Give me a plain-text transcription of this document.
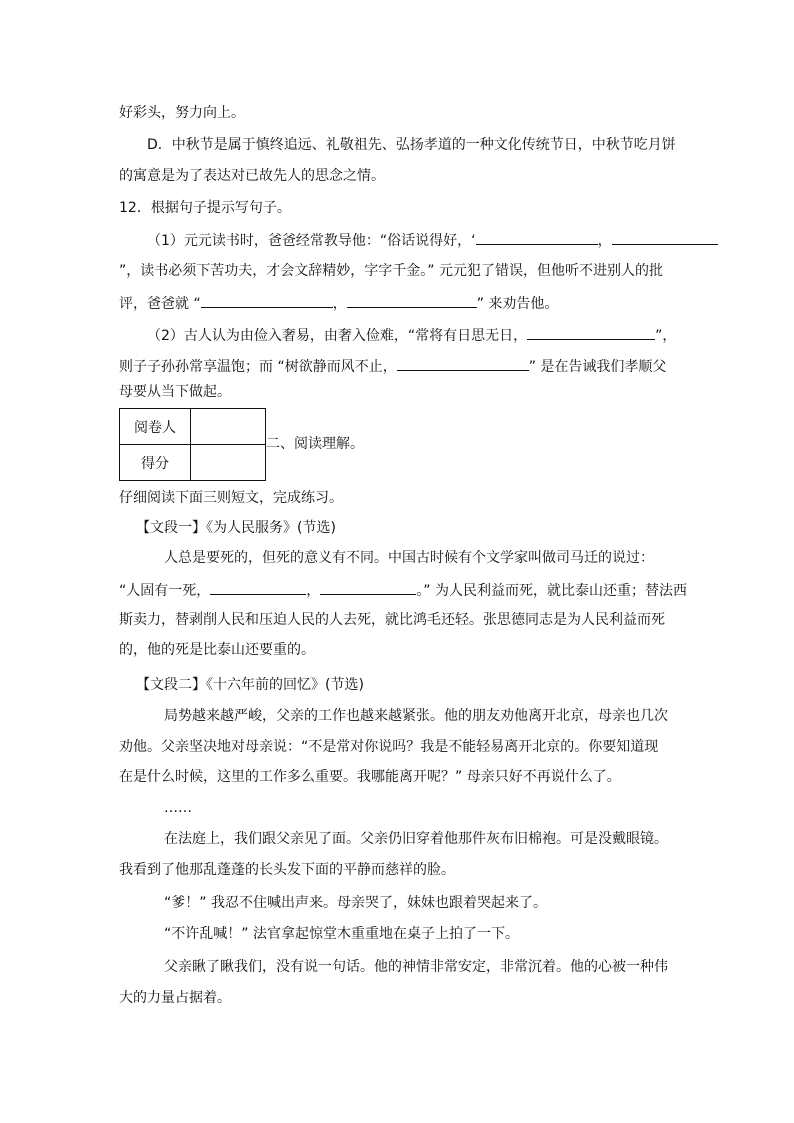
好彩头，努力向上。
D．中秋节是属于慎终追远、礼敬祖先、弘扬孝道的一种文化传统节日，中秋节吃月饼
的寓意是为了表达对已故先人的思念之情。
12．根据句子提示写句子。
（1）元元读书时，爸爸经常教导他：“俗话说得好，‘	，
”，读书必须下苦功夫，才会文辞精妙，字字千金。” 元元犯了错误，但他听不进别人的批
评，爸爸就 “	，	” 来劝告他。
（2）古人认为由俭入奢易，由奢入俭难，“常将有日思无日，	”，
则子子孙孙常享温饱；而 “树欲静而风不止，	” 是在告诫我们孝顺父
母要从当下做起。
阅卷人	
得分	
二、阅读理解。
仔细阅读下面三则短文，完成练习。
【文段一】《为人民服务》(节选)
人总是要死的，但死的意义有不同。中国古时候有个文学家叫做司马迁的说过：
“人固有一死，	，	。” 为人民利益而死，就比泰山还重；替法西
斯卖力，替剥削人民和压迫人民的人去死，就比鸿毛还轻。张思德同志是为人民利益而死
的，他的死是比泰山还要重的。
【文段二】《十六年前的回忆》(节选)
局势越来越严峻，父亲的工作也越来越紧张。他的朋友劝他离开北京，母亲也几次
劝他。父亲坚决地对母亲说：“不是常对你说吗？我是不能轻易离开北京的。你要知道现
在是什么时候，这里的工作多么重要。我哪能离开呢？” 母亲只好不再说什么了。
……
在法庭上，我们跟父亲见了面。父亲仍旧穿着他那件灰布旧棉袍。可是没戴眼镜。
我看到了他那乱蓬蓬的长头发下面的平静而慈祥的脸。
“爹！” 我忍不住喊出声来。母亲哭了，妹妹也跟着哭起来了。
“不许乱喊！” 法官拿起惊堂木重重地在桌子上拍了一下。
父亲瞅了瞅我们，没有说一句话。他的神情非常安定，非常沉着。他的心被一种伟
大的力量占据着。
